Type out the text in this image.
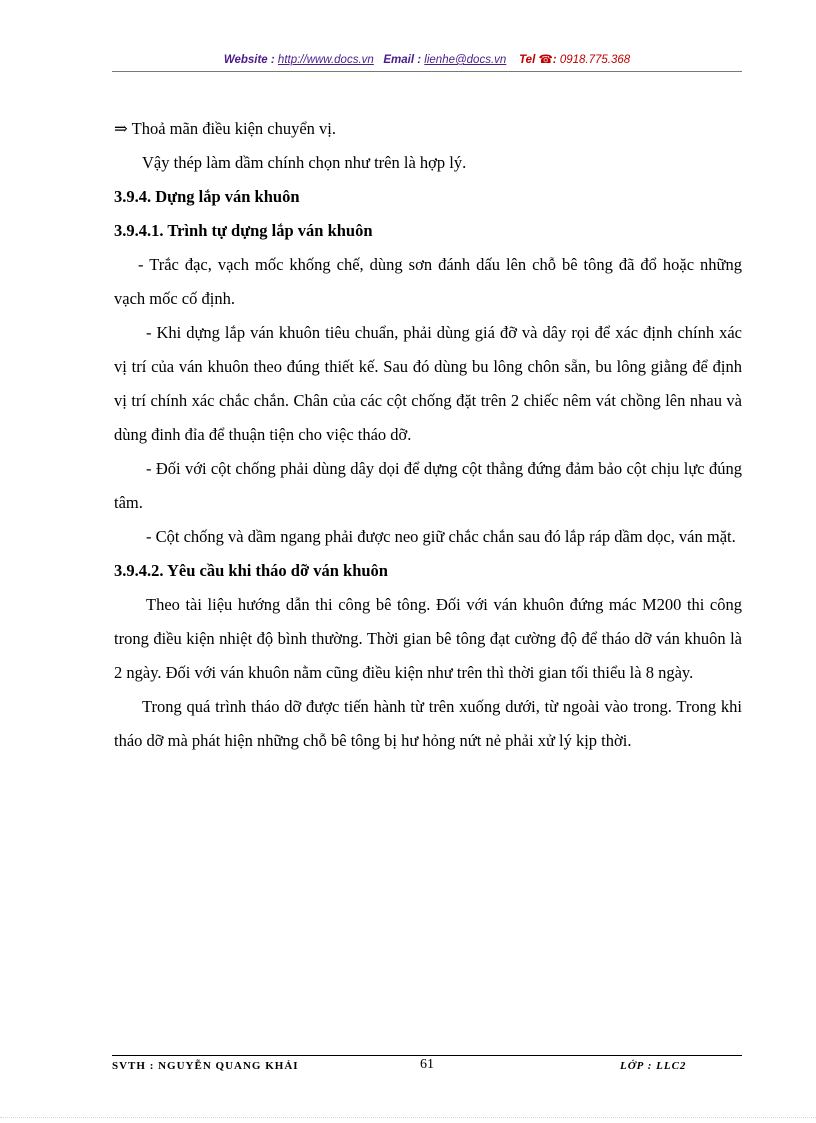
Website : http://www.docs.vn Email : lienhe@docs.vn Tel ☎: 0918.775.368

⇒ Thoả mãn điều kiện chuyển vị.

Vậy thép làm dầm chính chọn như trên là hợp lý.

3.9.4. Dựng lắp ván khuôn
3.9.4.1. Trình tự dựng lắp ván khuôn

- Trắc đạc, vạch mốc khống chế, dùng sơn đánh dấu lên chỗ bê tông đã đổ hoặc những vạch mốc cố định.

- Khi dựng lắp ván khuôn tiêu chuẩn, phải dùng giá đỡ và dây rọi để xác định chính xác vị trí của ván khuôn theo đúng thiết kế. Sau đó dùng bu lông chôn sẵn, bu lông giằng để định vị trí chính xác chắc chắn. Chân của các cột chống đặt trên 2 chiếc nêm vát chồng lên nhau và dùng đinh đỉa để thuận tiện cho việc tháo dỡ.

- Đối với cột chống phải dùng dây dọi để dựng cột thẳng đứng đảm bảo cột chịu lực đúng tâm.

- Cột chống và dầm ngang phải được neo giữ chắc chắn sau đó lắp ráp dầm dọc, ván mặt.

3.9.4.2. Yêu cầu khi tháo dỡ ván khuôn

Theo tài liệu hướng dẫn thi công bê tông. Đối với ván khuôn đứng mác M200 thi công trong điều kiện nhiệt độ bình thường. Thời gian bê tông đạt cường độ để tháo dỡ ván khuôn là 2 ngày. Đối với ván khuôn nằm cũng điều kiện như trên thì thời gian tối thiểu là 8 ngày.

Trong quá trình tháo dỡ được tiến hành từ trên xuống dưới, từ ngoài vào trong. Trong khi tháo dỡ mà phát hiện những chỗ bê tông bị hư hỏng nứt nẻ phải xử lý kịp thời.

SVTH : NGUYỄN QUANG KHẢI	61	LỚP : LLC2
